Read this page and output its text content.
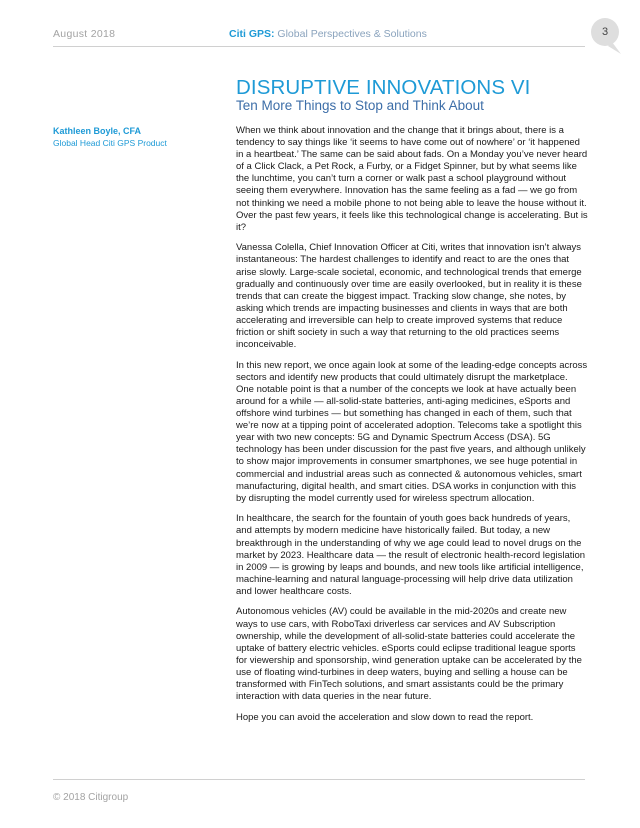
August 2018	Citi GPS: Global Perspectives & Solutions	3
DISRUPTIVE INNOVATIONS VI
Ten More Things to Stop and Think About
Kathleen Boyle, CFA
Global Head Citi GPS Product

When we think about innovation and the change that it brings about, there is a tendency to say things like ‘it seems to have come out of nowhere’ or ‘it happened in a heartbeat.’ The same can be said about fads. On a Monday you’ve never heard of a Click Clack, a Pet Rock, a Furby, or a Fidget Spinner, but by what seems like the lunchtime, you can’t turn a corner or walk past a school playground without seeing them everywhere. Innovation has the same feeling as a fad — we go from not thinking we need a mobile phone to not being able to leave the house without it. Over the past few years, it feels like this technological change is accelerating. But is it?

Vanessa Colella, Chief Innovation Officer at Citi, writes that innovation isn’t always instantaneous: The hardest challenges to identify and react to are the ones that arise slowly. Large-scale societal, economic, and technological trends that emerge gradually and continuously over time are easily overlooked, but in reality it is these trends that can create the biggest impact. Tracking slow change, she notes, by asking which trends are impacting businesses and clients in ways that are both accelerating and irreversible can help to create improved systems that reduce friction or shift society in such a way that returning to the old practices seems inconceivable.

In this new report, we once again look at some of the leading-edge concepts across sectors and identify new products that could ultimately disrupt the marketplace. One notable point is that a number of the concepts we look at have actually been around for a while — all-solid-state batteries, anti-aging medicines, eSports and offshore wind turbines — but something has changed in each of them, such that we’re now at a tipping point of accelerated adoption. Telecoms take a spotlight this year with two new concepts: 5G and Dynamic Spectrum Access (DSA). 5G technology has been under discussion for the past five years, and although unlikely to show major improvements in consumer smartphones, we see huge potential in commercial and industrial areas such as connected & autonomous vehicles, smart manufacturing, digital health, and smart cities. DSA works in conjunction with this by disrupting the model currently used for wireless spectrum allocation.

In healthcare, the search for the fountain of youth goes back hundreds of years, and attempts by modern medicine have historically failed. But today, a new breakthrough in the understanding of why we age could lead to novel drugs on the market by 2023. Healthcare data — the result of electronic health-record legislation in 2009 — is growing by leaps and bounds, and new tools like artificial intelligence, machine-learning and natural language-processing will help drive data utilization and lower healthcare costs.

Autonomous vehicles (AV) could be available in the mid-2020s and create new ways to use cars, with RoboTaxi driverless car services and AV Subscription ownership, while the development of all-solid-state batteries could accelerate the uptake of battery electric vehicles. eSports could eclipse traditional league sports for viewership and sponsorship, wind generation uptake can be accelerated by the use of floating wind-turbines in deep waters, buying and selling a house can be transformed with FinTech solutions, and smart assistants could be the primary interaction with data queries in the near future.

Hope you can avoid the acceleration and slow down to read the report.

© 2018 Citigroup
